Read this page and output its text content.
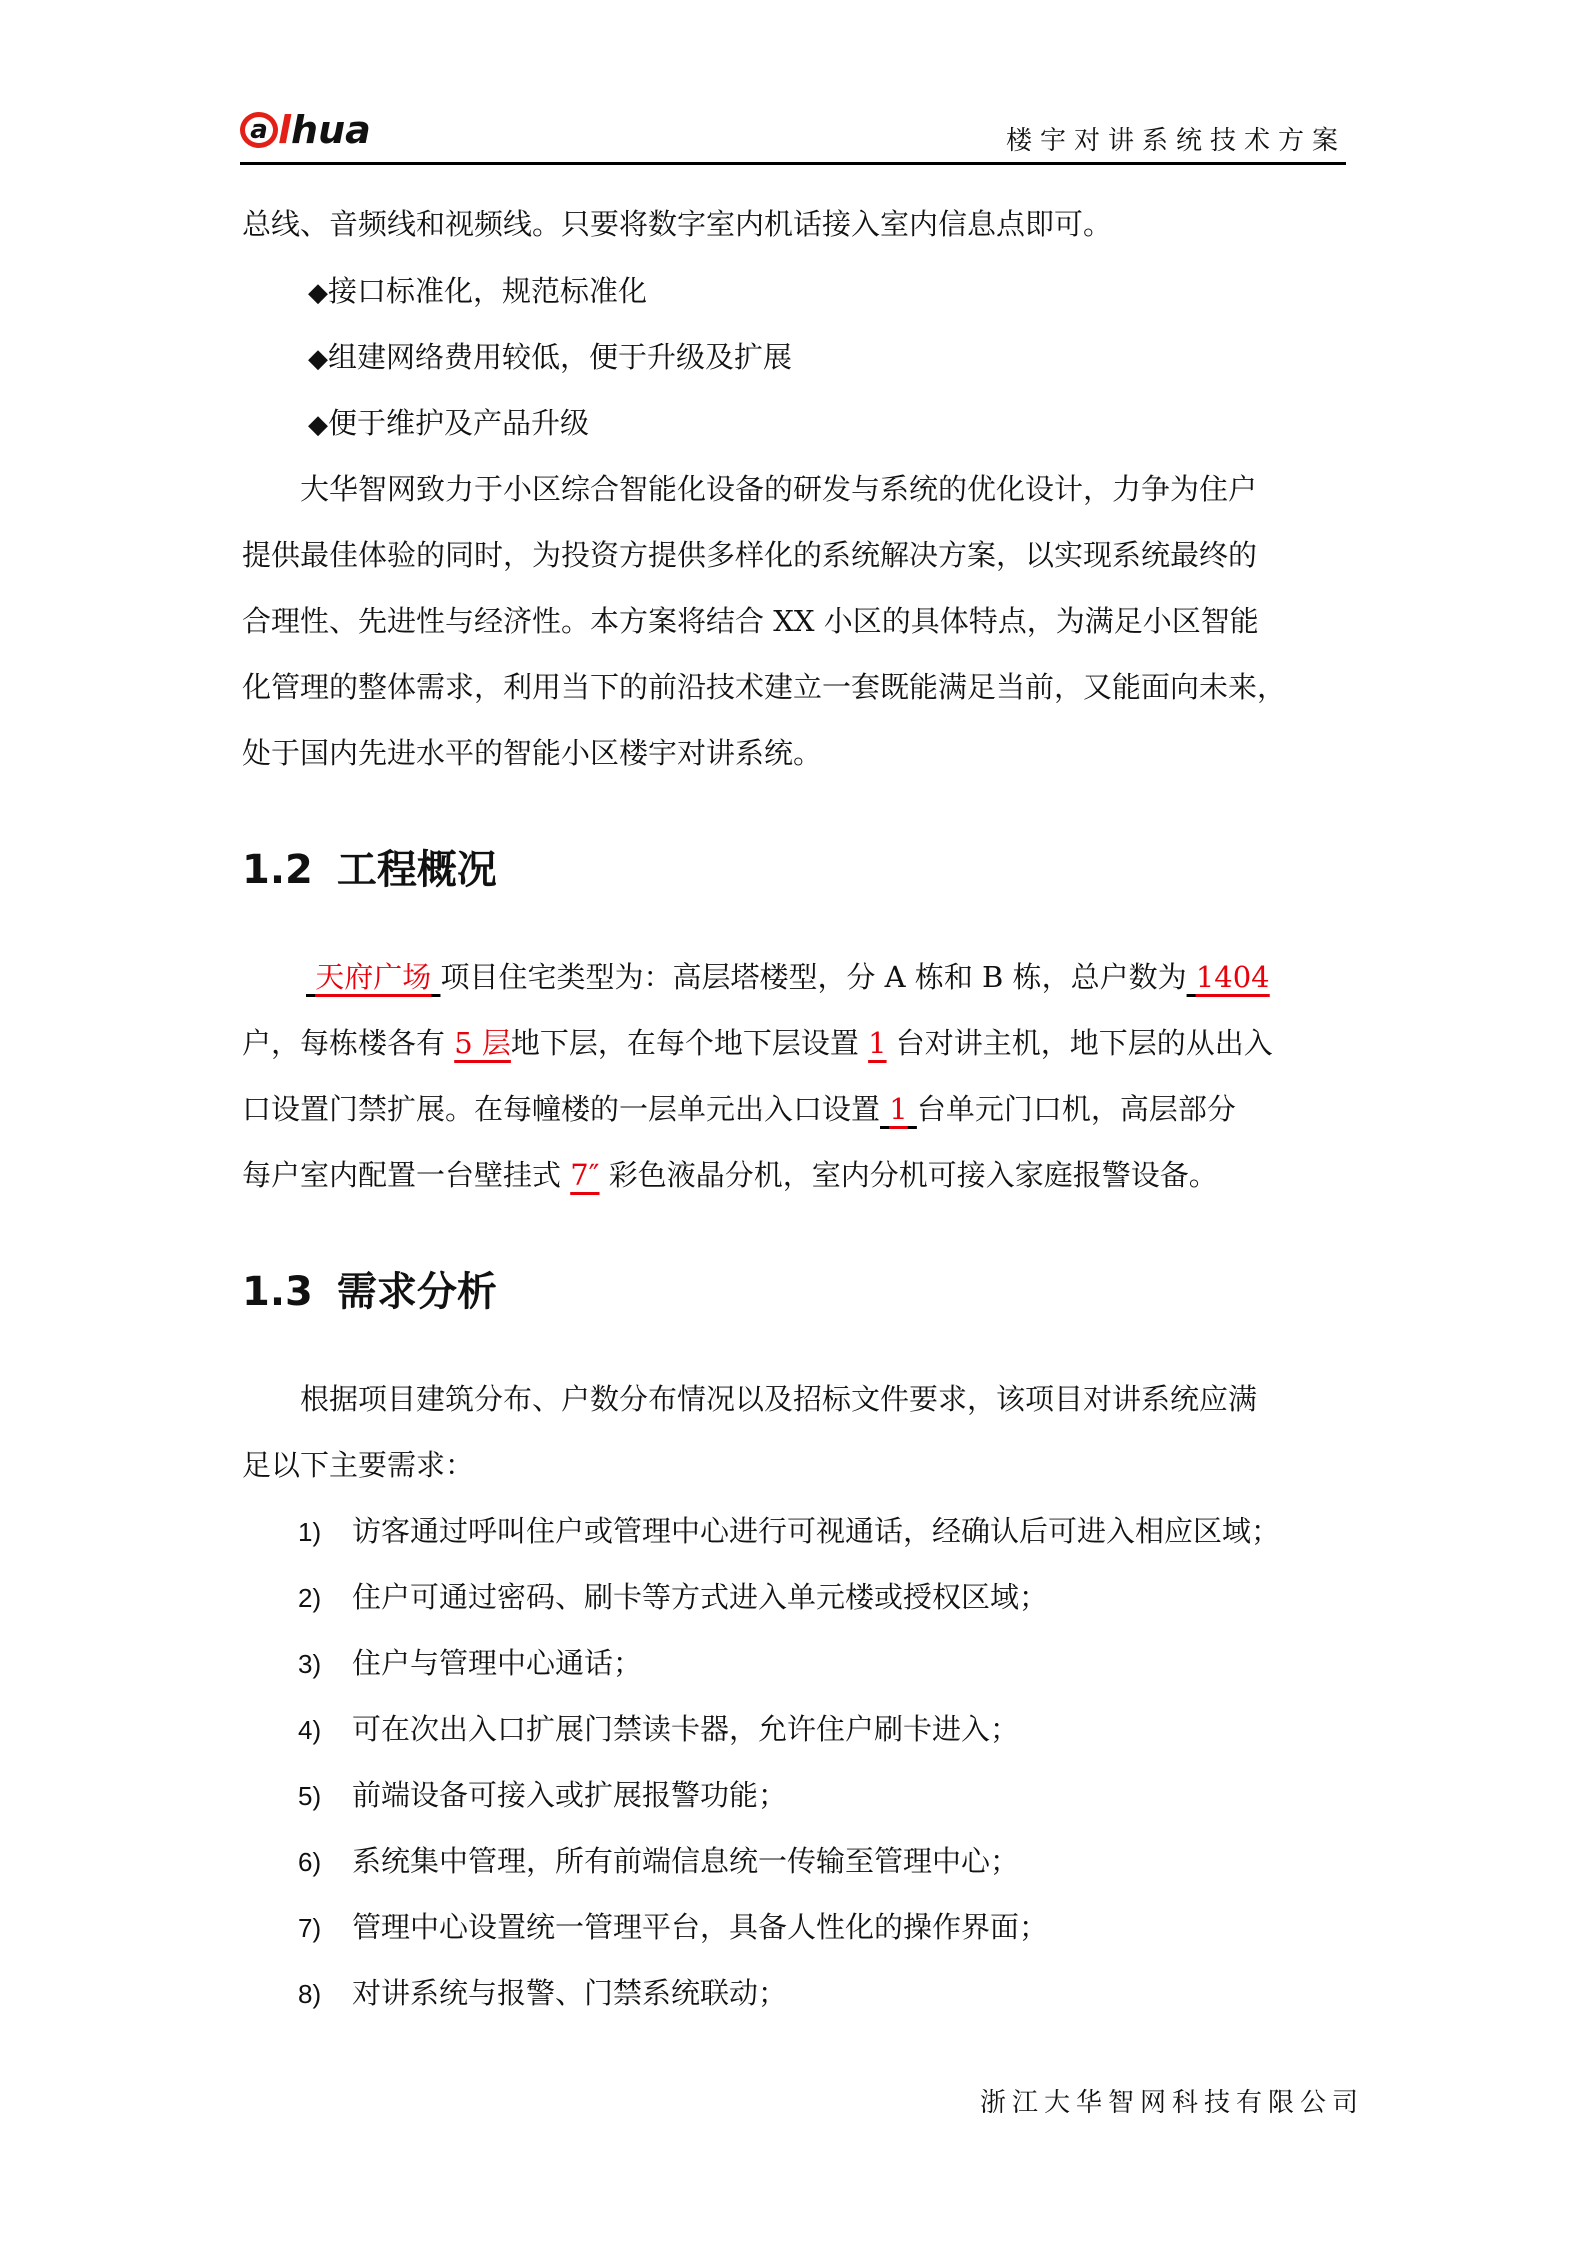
a lhua	楼宇对讲系统技术方案
总线、音频线和视频线。只要将数字室内机话接入室内信息点即可。
◆接口标准化，规范标准化
◆组建网络费用较低，便于升级及扩展
◆便于维护及产品升级
大华智网致力于小区综合智能化设备的研发与系统的优化设计，力争为住户
提供最佳体验的同时，为投资方提供多样化的系统解决方案，以实现系统最终的
合理性、先进性与经济性。本方案将结合 XX 小区的具体特点，为满足小区智能
化管理的整体需求，利用当下的前沿技术建立一套既能满足当前，又能面向未来，
处于国内先进水平的智能小区楼宇对讲系统。
1.2 工程概况
天府广场 项目住宅类型为：高层塔楼型，分 A 栋和 B 栋，总户数为 1404
户，每栋楼各有 5 层地下层，在每个地下层设置 1 台对讲主机，地下层的从出入
口设置门禁扩展。在每幢楼的一层单元出入口设置 1 台单元门口机，高层部分
每户室内配置一台壁挂式 7″ 彩色液晶分机，室内分机可接入家庭报警设备。
1.3 需求分析
根据项目建筑分布、户数分布情况以及招标文件要求，该项目对讲系统应满
足以下主要需求：
1) 访客通过呼叫住户或管理中心进行可视通话，经确认后可进入相应区域；
2) 住户可通过密码、刷卡等方式进入单元楼或授权区域；
3) 住户与管理中心通话；
4) 可在次出入口扩展门禁读卡器，允许住户刷卡进入；
5) 前端设备可接入或扩展报警功能；
6) 系统集中管理，所有前端信息统一传输至管理中心；
7) 管理中心设置统一管理平台，具备人性化的操作界面；
8) 对讲系统与报警、门禁系统联动；
浙江大华智网科技有限公司
